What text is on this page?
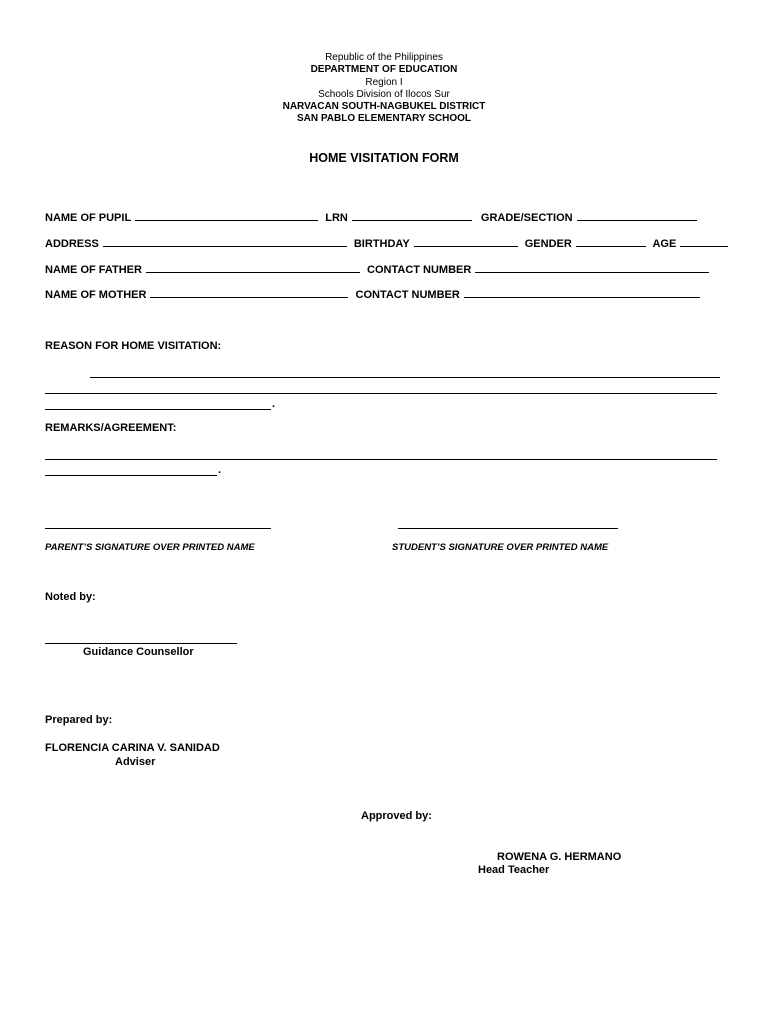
Republic of the Philippines
DEPARTMENT OF EDUCATION
Region I
Schools Division of Ilocos Sur
NARVACAN SOUTH-NAGBUKEL DISTRICT
SAN PABLO ELEMENTARY SCHOOL
HOME VISITATION FORM
NAME OF PUPIL	LRN	GRADE/SECTION
ADDRESS	BIRTHDAY	GENDER	AGE
NAME OF FATHER	CONTACT NUMBER
NAME OF MOTHER	CONTACT NUMBER
REASON FOR HOME VISITATION:
.
REMARKS/AGREEMENT:
.
PARENT’S SIGNATURE OVER PRINTED NAME	STUDENT’S SIGNATURE OVER PRINTED NAME
Noted by:
Guidance Counsellor
Prepared by:
FLORENCIA CARINA V. SANIDAD
Adviser
Approved by:
ROWENA G. HERMANO
Head Teacher
